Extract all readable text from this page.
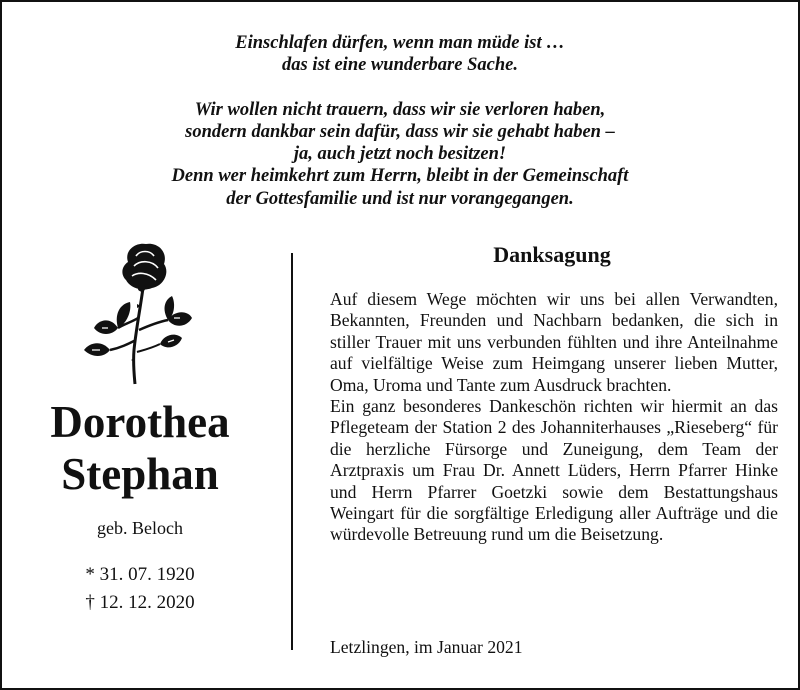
Einschlafen dürfen, wenn man müde ist …
das ist eine wunderbare Sache.
Wir wollen nicht trauern, dass wir sie verloren haben,
sondern dankbar sein dafür, dass wir sie gehabt haben –
ja, auch jetzt noch besitzen!
Denn wer heimkehrt zum Herrn, bleibt in der Gemeinschaft
der Gottesfamilie und ist nur vorangegangen.
Dorothea
Stephan
geb. Beloch
* 31. 07. 1920
† 12. 12. 2020
Danksagung

Auf diesem Wege möchten wir uns bei allen Verwandten, Bekannten, Freunden und Nachbarn bedanken, die sich in stiller Trauer mit uns verbunden fühlten und ihre Anteilnahme auf vielfältige Weise zum Heimgang unserer lieben Mutter, Oma, Uroma und Tante zum Ausdruck brachten.

Ein ganz besonderes Dankeschön richten wir hiermit an das Pflegeteam der Station 2 des Johanniterhauses „Rieseberg“ für die herzliche Fürsorge und Zuneigung, dem Team der Arztpraxis um Frau Dr. Annett Lüders, Herrn Pfarrer Hinke und Herrn Pfarrer Goetzki sowie dem Bestattungshaus Weingart für die sorgfältige Erledigung aller Aufträge und die würdevolle Betreuung rund um die Beisetzung.

Letzlingen, im Januar 2021
